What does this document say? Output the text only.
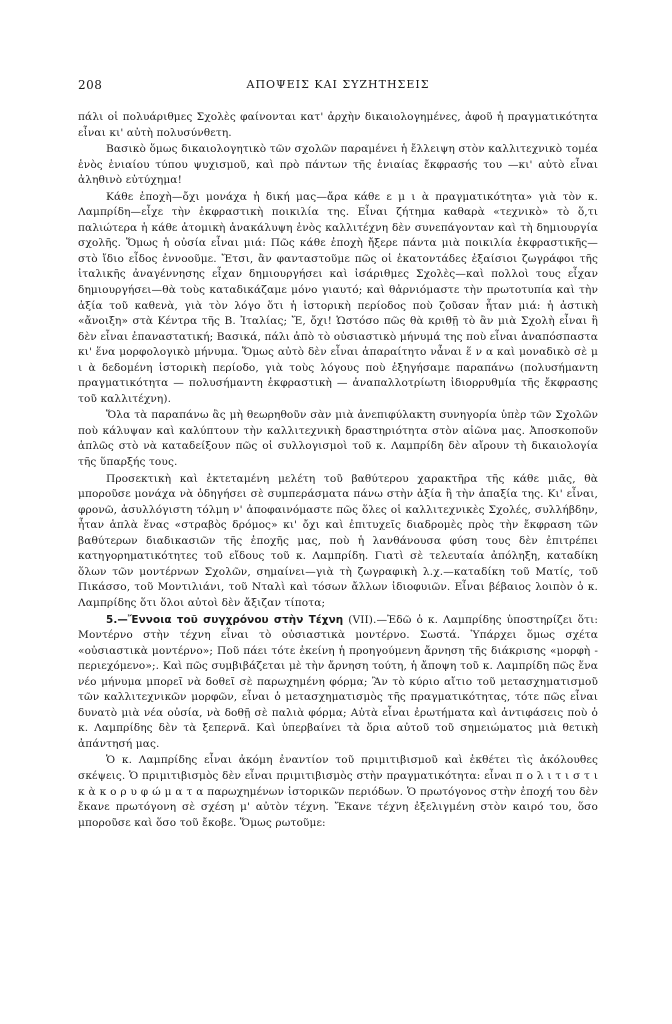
208	ΑΠΟΨΕΙΣ ΚΑΙ ΣΥΖΗΤΗΣΕΙΣ

πάλι οἱ πολυάριθμες Σχολὲς φαίνονται κατ' ἀρχὴν δικαιολογημένες, ἀφοῦ ἡ πραγματικότητα εἶναι κι' αὐτὴ πολυσύνθετη.

Βασικὸ ὅμως δικαιολογητικὸ τῶν σχολῶν παραμένει ἡ ἔλλειψη στὸν καλλιτεχνικὸ τομέα ἑνὸς ἑνιαίου τύπου ψυχισμοῦ, καὶ πρὸ πάντων τῆς ἑνιαίας ἔκφρασής του —κι' αὐτὸ εἶναι ἀληθινὸ εὐτύχημα!

Κάθε ἐποχὴ—ὄχι μονάχα ἡ δική μας—ἄρα κάθε ε μ ι ὰ πραγματικότητα» γιὰ τὸν κ. Λαμπρίδη—εἶχε τὴν ἐκφραστικὴ ποικιλία της. Εἶναι ζήτημα καθαρὰ «τεχνικὸ» τὸ ὅ,τι παλιώτερα ἡ κάθε ἀτομικὴ ἀνακάλυψη ἑνὸς καλλιτέχνη δὲν συνεπάγονταν καὶ τὴ δημιουργία σχολῆς. Ὅμως ἡ οὐσία εἶναι μιά: Πῶς κάθε ἐποχὴ ἤξερε πάντα μιὰ ποικιλία ἐκφραστικῆς—στὸ ἴδιο εἶδος ἐννοοῦμε. Ἔτσι, ἂν φανταστοῦμε πῶς οἱ ἑκατοντάδες ἐξαίσιοι ζωγράφοι τῆς ἰταλικῆς ἀναγέννησης εἶχαν δημιουργήσει καὶ ἰσάριθμες Σχολὲς—καὶ πολλοὶ τους εἶχαν δημιουργήσει—θὰ τοὺς καταδικάζαμε μόνο γιαυτό; καὶ θἀρνιόμαστε τὴν πρωτοτυπία καὶ τὴν ἀξία τοῦ καθενὰ, γιὰ τὸν λόγο ὅτι ἡ ἱστορικὴ περίοδος ποὺ ζοῦσαν ἦταν μιά: ἡ ἀστικὴ «ἄνοιξη» στὰ Κέντρα τῆς Β. Ἰταλίας; Ἔ, ὄχι! Ὡστόσο πῶς θὰ κριθῇ τὸ ἂν μιὰ Σχολὴ εἶναι ἢ δὲν εἶναι ἐπαναστατική; Βασικά, πάλι ἀπὸ τὸ οὐσιαστικὸ μήνυμά της ποὺ εἶναι ἀναπόσπαστα κι' ἕνα μορφολογικὸ μήνυμα. Ὅμως αὐτὸ δὲν εἶναι ἀπαραίτητο νἆναι ἕ ν α καὶ μοναδικὸ σὲ μ ι ὰ δεδομένη ἱστορικὴ περίοδο, γιὰ τοὺς λόγους ποὺ ἐξηγήσαμε παραπάνω (πολυσήμαντη πραγματικότητα — πολυσήμαντη ἐκφραστικὴ — ἀναπαλλοτρίωτη ἰδιορρυθμία τῆς ἔκφρασης τοῦ καλλιτέχνη).

Ὅλα τὰ παραπάνω ἂς μὴ θεωρηθοῦν σὰν μιὰ ἀνεπιφύλακτη συνηγορία ὑπὲρ τῶν Σχολῶν ποὺ κάλυψαν καὶ καλύπτουν τὴν καλλιτεχνικὴ δραστηριότητα στὸν αἰῶνα μας. Ἀποσκοποῦν ἁπλῶς στὸ νὰ καταδείξουν πῶς οἱ συλλογισμοὶ τοῦ κ. Λαμπρίδη δὲν αἴρουν τὴ δικαιολογία τῆς ὕπαρξής τους.

Προσεκτικὴ καὶ ἐκτεταμένη μελέτη τοῦ βαθύτερου χαρακτῆρα τῆς κάθε μιᾶς, θὰ μποροῦσε μονάχα νὰ ὁδηγήσει σὲ συμπεράσματα πάνω στὴν ἀξία ἢ τὴν ἀπαξία της. Κι' εἶναι, φρονῶ, ἀσυλλόγιστη τόλμη ν' ἀποφαινόμαστε πῶς ὅλες οἱ καλλιτεχνικὲς Σχολές, συλλήβδην, ἦταν ἁπλὰ ἕνας «στραβὸς δρόμος» κι' ὄχι καὶ ἐπιτυχεῖς διαδρομὲς πρὸς τὴν ἔκφραση τῶν βαθύτερων διαδικασιῶν τῆς ἐποχῆς μας, ποὺ ἡ λανθάνουσα φύση τους δὲν ἐπιτρέπει κατηγορηματικότητες τοῦ εἴδους τοῦ κ. Λαμπρίδη. Γιατὶ σὲ τελευταία ἀπόληξη, καταδίκη ὅλων τῶν μοντέρνων Σχολῶν, σημαίνει—γιὰ τὴ ζωγραφικὴ λ.χ.—καταδίκη τοῦ Ματίς, τοῦ Πικάσσο, τοῦ Μοντιλιάνι, τοῦ Νταλὶ καὶ τόσων ἄλλων ἰδιοφυιῶν. Εἶναι βέβαιος λοιπὸν ὁ κ. Λαμπρίδης ὅτι ὅλοι αὐτοὶ δὲν ἄξιζαν τίποτα;

5.—Ἔννοια τοῦ συγχρόνου στὴν Τέχνη (VII).—Ἐδῶ ὁ κ. Λαμπρίδης ὑποστηρίζει ὅτι: Μοντέρνο στὴν τέχνη εἶναι τὸ οὐσιαστικὰ μοντέρνο. Σωστά. Ὑπάρχει ὅμως σχέτα «οὐσιαστικὰ μοντέρνο»; Ποῦ πάει τότε ἐκείνη ἡ προηγούμενη ἄρνηση τῆς διάκρισης «μορφὴ - περιεχόμενο»;. Καὶ πῶς συμβιβάζεται μὲ τὴν ἄρνηση τούτη, ἡ ἄποψη τοῦ κ. Λαμπρίδη πῶς ἕνα νέο μήνυμα μπορεῖ νὰ δοθεῖ σὲ παρωχημένη φόρμα; Ἂν τὸ κύριο αἴτιο τοῦ μετασχηματισμοῦ τῶν καλλιτεχνικῶν μορφῶν, εἶναι ὁ μετασχηματισμὸς τῆς πραγματικότητας, τότε πῶς εἶναι δυνατὸ μιὰ νέα οὐσία, νὰ δοθῇ σὲ παλιὰ φόρμα; Αὐτὰ εἶναι ἐρωτήματα καὶ ἀντιφάσεις ποὺ ὁ κ. Λαμπρίδης δὲν τὰ ξεπερνᾶ. Καὶ ὑπερβαίνει τὰ ὅρια αὐτοῦ τοῦ σημειώματος μιὰ θετικὴ ἀπάντησή μας.

Ὁ κ. Λαμπρίδης εἶναι ἀκόμη ἐναντίον τοῦ πριμιτιβισμοῦ καὶ ἐκθέτει τὶς ἀκόλουθες σκέψεις. Ὁ πριμιτιβισμὸς δὲν εἶναι πριμιτιβισμὸς στὴν πραγματικότητα: εἶναι π ο λ ι τ ι σ τ ι κ ὰ κ ο ρ υ φ ώ μ α τ α παρωχημένων ἱστορικῶν περιόδων. Ὁ πρωτόγονος στὴν ἐποχή του δὲν ἔκανε πρωτόγονη σὲ σχέση μ' αὐτὸν τέχνη. Ἔκανε τέχνη ἐξελιγμένη στὸν καιρό του, ὅσο μποροῦσε καὶ ὅσο τοῦ ἔκοβε. Ὅμως ρωτοῦμε:
